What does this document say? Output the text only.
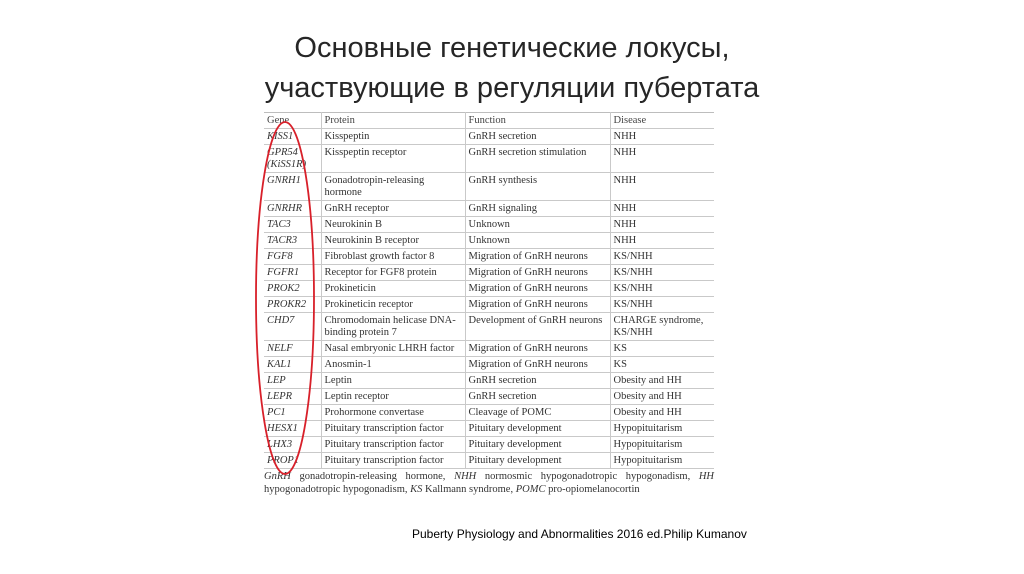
Основные генетические локусы,
участвующие в регуляции пубертата
Gene	Protein	Function	Disease
KISS1	Kisspeptin	GnRH secretion	NHH
GPR54 (KiSS1R)	Kisspeptin receptor	GnRH secretion stimulation	NHH
GNRH1	Gonadotropin-releasing hormone	GnRH synthesis	NHH
GNRHR	GnRH receptor	GnRH signaling	NHH
TAC3	Neurokinin B	Unknown	NHH
TACR3	Neurokinin B receptor	Unknown	NHH
FGF8	Fibroblast growth factor 8	Migration of GnRH neurons	KS/NHH
FGFR1	Receptor for FGF8 protein	Migration of GnRH neurons	KS/NHH
PROK2	Prokineticin	Migration of GnRH neurons	KS/NHH
PROKR2	Prokineticin receptor	Migration of GnRH neurons	KS/NHH
CHD7	Chromodomain helicase DNA-binding protein 7	Development of GnRH neurons	CHARGE syndrome, KS/NHH
NELF	Nasal embryonic LHRH factor	Migration of GnRH neurons	KS
KAL1	Anosmin-1	Migration of GnRH neurons	KS
LEP	Leptin	GnRH secretion	Obesity and HH
LEPR	Leptin receptor	GnRH secretion	Obesity and HH
PC1	Prohormone convertase	Cleavage of POMC	Obesity and HH
HESX1	Pituitary transcription factor	Pituitary development	Hypopituitarism
LHX3	Pituitary transcription factor	Pituitary development	Hypopituitarism
PROP1	Pituitary transcription factor	Pituitary development	Hypopituitarism
GnRH gonadotropin-releasing hormone, NHH normosmic hypogonadotropic hypogonadism, HH hypogonadotropic hypogonadism, KS Kallmann syndrome, POMC pro-opiomelanocortin
Puberty Physiology and Abnormalities 2016 ed.Philip Kumanov
